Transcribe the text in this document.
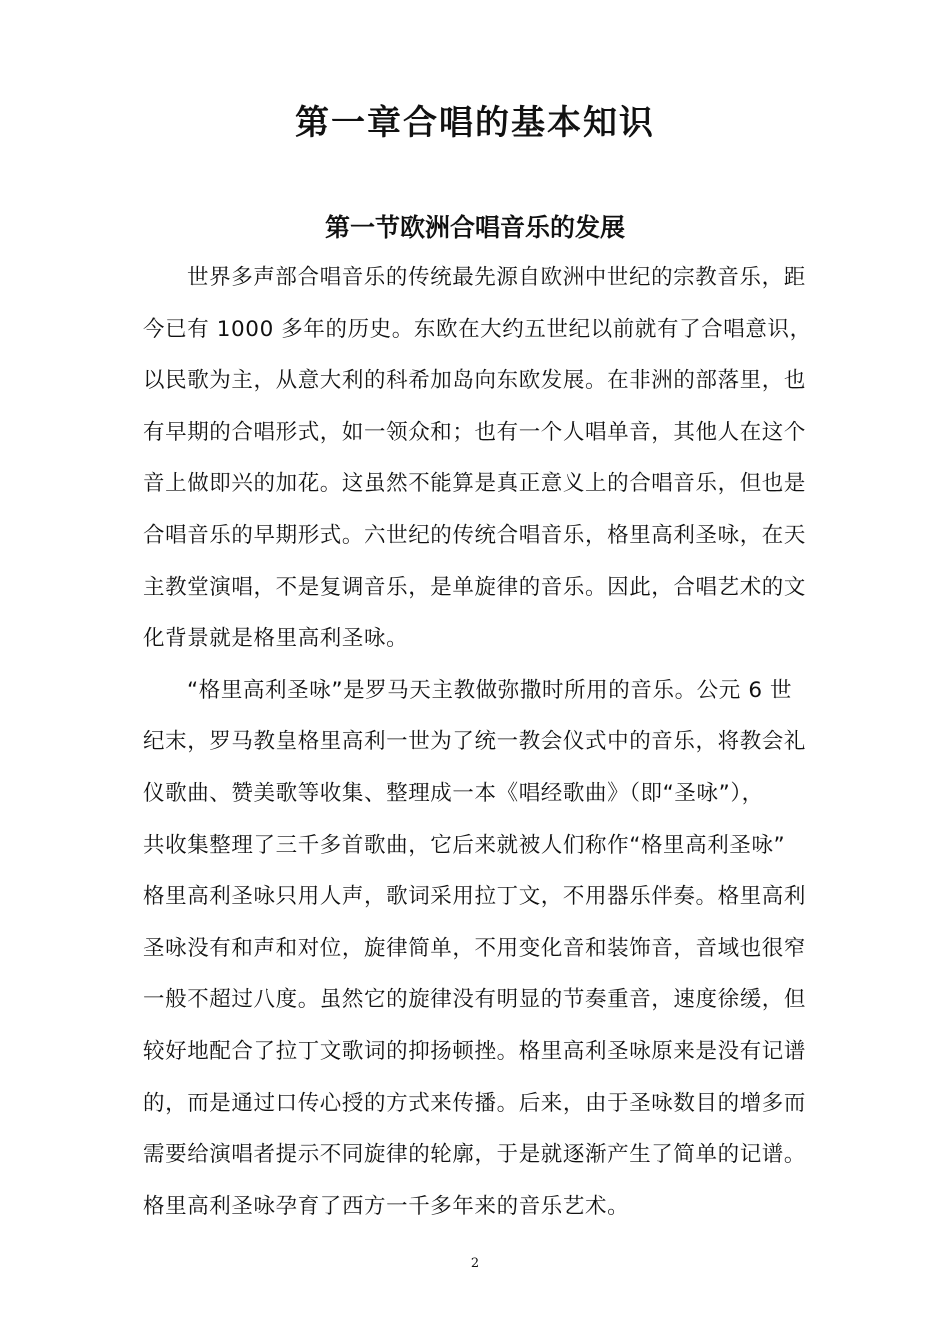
第一章合唱的基本知识
第一节欧洲合唱音乐的发展
世界多声部合唱音乐的传统最先源自欧洲中世纪的宗教音乐，距
今已有 1000 多年的历史。东欧在大约五世纪以前就有了合唱意识，
以民歌为主，从意大利的科希加岛向东欧发展。在非洲的部落里，也
有早期的合唱形式，如一领众和；也有一个人唱单音，其他人在这个
音上做即兴的加花。这虽然不能算是真正意义上的合唱音乐，但也是
合唱音乐的早期形式。六世纪的传统合唱音乐，格里高利圣咏，在天
主教堂演唱，不是复调音乐，是单旋律的音乐。因此，合唱艺术的文
化背景就是格里高利圣咏。
“格里高利圣咏”是罗马天主教做弥撒时所用的音乐。公元 6 世
纪末，罗马教皇格里高利一世为了统一教会仪式中的音乐，将教会礼
仪歌曲、赞美歌等收集、整理成一本《唱经歌曲》（即“圣咏”），
共收集整理了三千多首歌曲，它后来就被人们称作“格里高利圣咏”
格里高利圣咏只用人声，歌词采用拉丁文，不用器乐伴奏。格里高利
圣咏没有和声和对位，旋律简单，不用变化音和装饰音，音域也很窄
一般不超过八度。虽然它的旋律没有明显的节奏重音，速度徐缓，但
较好地配合了拉丁文歌词的抑扬顿挫。格里高利圣咏原来是没有记谱
的，而是通过口传心授的方式来传播。后来，由于圣咏数目的增多而
需要给演唱者提示不同旋律的轮廓，于是就逐渐产生了简单的记谱。
格里高利圣咏孕育了西方一千多年来的音乐艺术。
2
